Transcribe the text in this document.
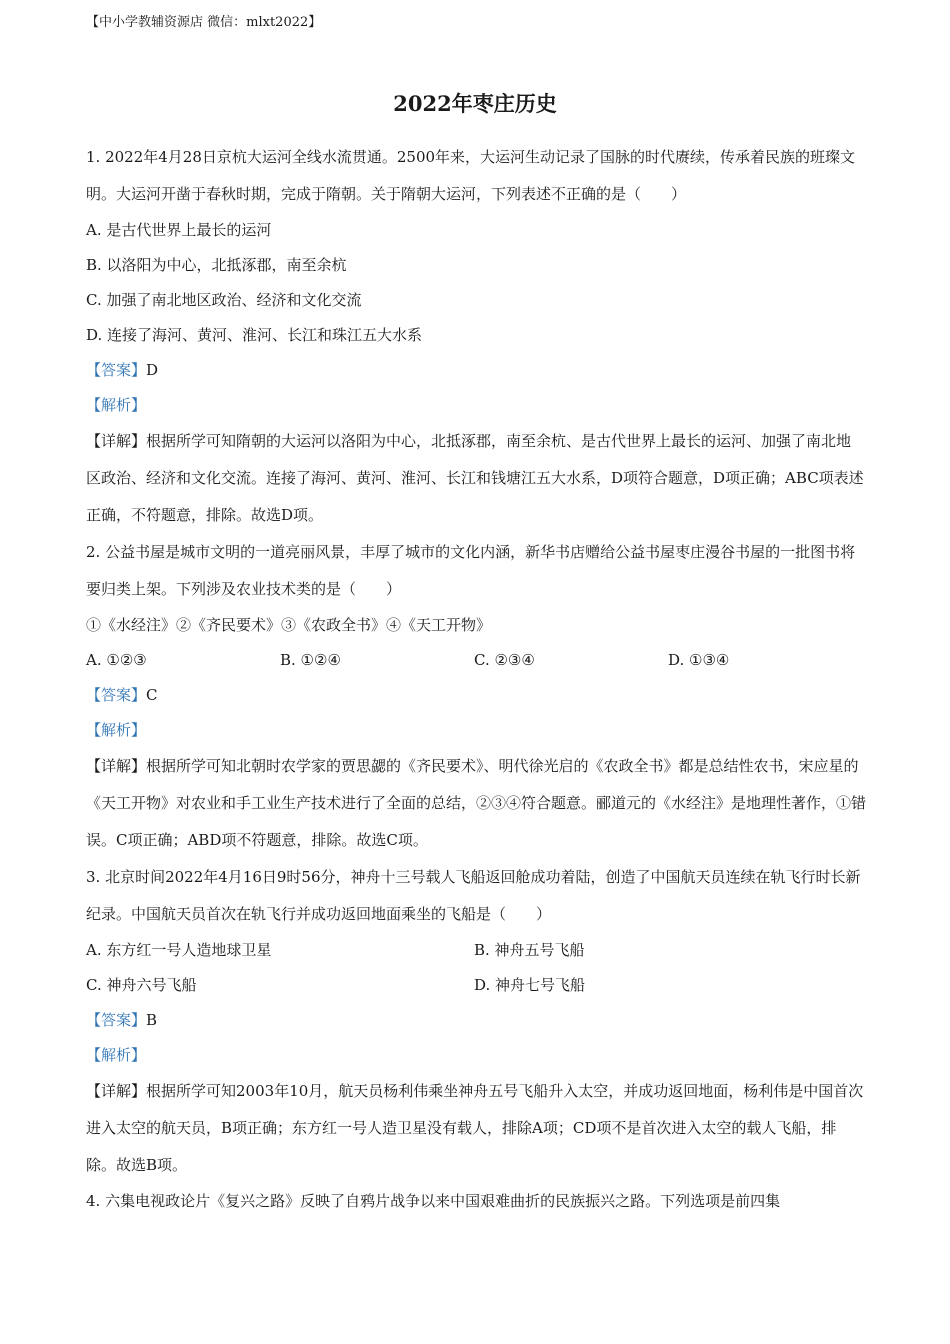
【中小学教辅资源店 微信：mlxt2022】
2022年枣庄历史
1. 2022年4月28日京杭大运河全线水流贯通。2500年来，大运河生动记录了国脉的时代赓续，传承着民族的班璨文明。大运河开凿于春秋时期，完成于隋朝。关于隋朝大运河，下列表述不正确的是（　　）
A. 是古代世界上最长的运河
B. 以洛阳为中心，北抵涿郡，南至余杭
C. 加强了南北地区政治、经济和文化交流
D. 连接了海河、黄河、淮河、长江和珠江五大水系
【答案】D
【解析】
【详解】根据所学可知隋朝的大运河以洛阳为中心，北抵涿郡，南至余杭、是古代世界上最长的运河、加强了南北地区政治、经济和文化交流。连接了海河、黄河、淮河、长江和钱塘江五大水系，D项符合题意，D项正确；ABC项表述正确，不符题意，排除。故选D项。
2. 公益书屋是城市文明的一道亮丽风景，丰厚了城市的文化内涵，新华书店赠给公益书屋枣庄漫谷书屋的一批图书将要归类上架。下列涉及农业技术类的是（　　）
①《水经注》②《齐民要术》③《农政全书》④《天工开物》
A. ①②③	B. ①②④	C. ②③④	D. ①③④
【答案】C
【解析】
【详解】根据所学可知北朝时农学家的贾思勰的《齐民要术》、明代徐光启的《农政全书》都是总结性农书，宋应星的《天工开物》对农业和手工业生产技术进行了全面的总结，②③④符合题意。郦道元的《水经注》是地理性著作，①错误。C项正确；ABD项不符题意，排除。故选C项。
3. 北京时间2022年4月16日9时56分，神舟十三号载人飞船返回舱成功着陆，创造了中国航天员连续在轨飞行时长新纪录。中国航天员首次在轨飞行并成功返回地面乘坐的飞船是（　　）
A. 东方红一号人造地球卫星	B. 神舟五号飞船
C. 神舟六号飞船	D. 神舟七号飞船
【答案】B
【解析】
【详解】根据所学可知2003年10月，航天员杨利伟乘坐神舟五号飞船升入太空，并成功返回地面，杨利伟是中国首次进入太空的航天员，B项正确；东方红一号人造卫星没有载人，排除A项；CD项不是首次进入太空的载人飞船，排除。故选B项。
4. 六集电视政论片《复兴之路》反映了自鸦片战争以来中国艰难曲折的民族振兴之路。下列选项是前四集
